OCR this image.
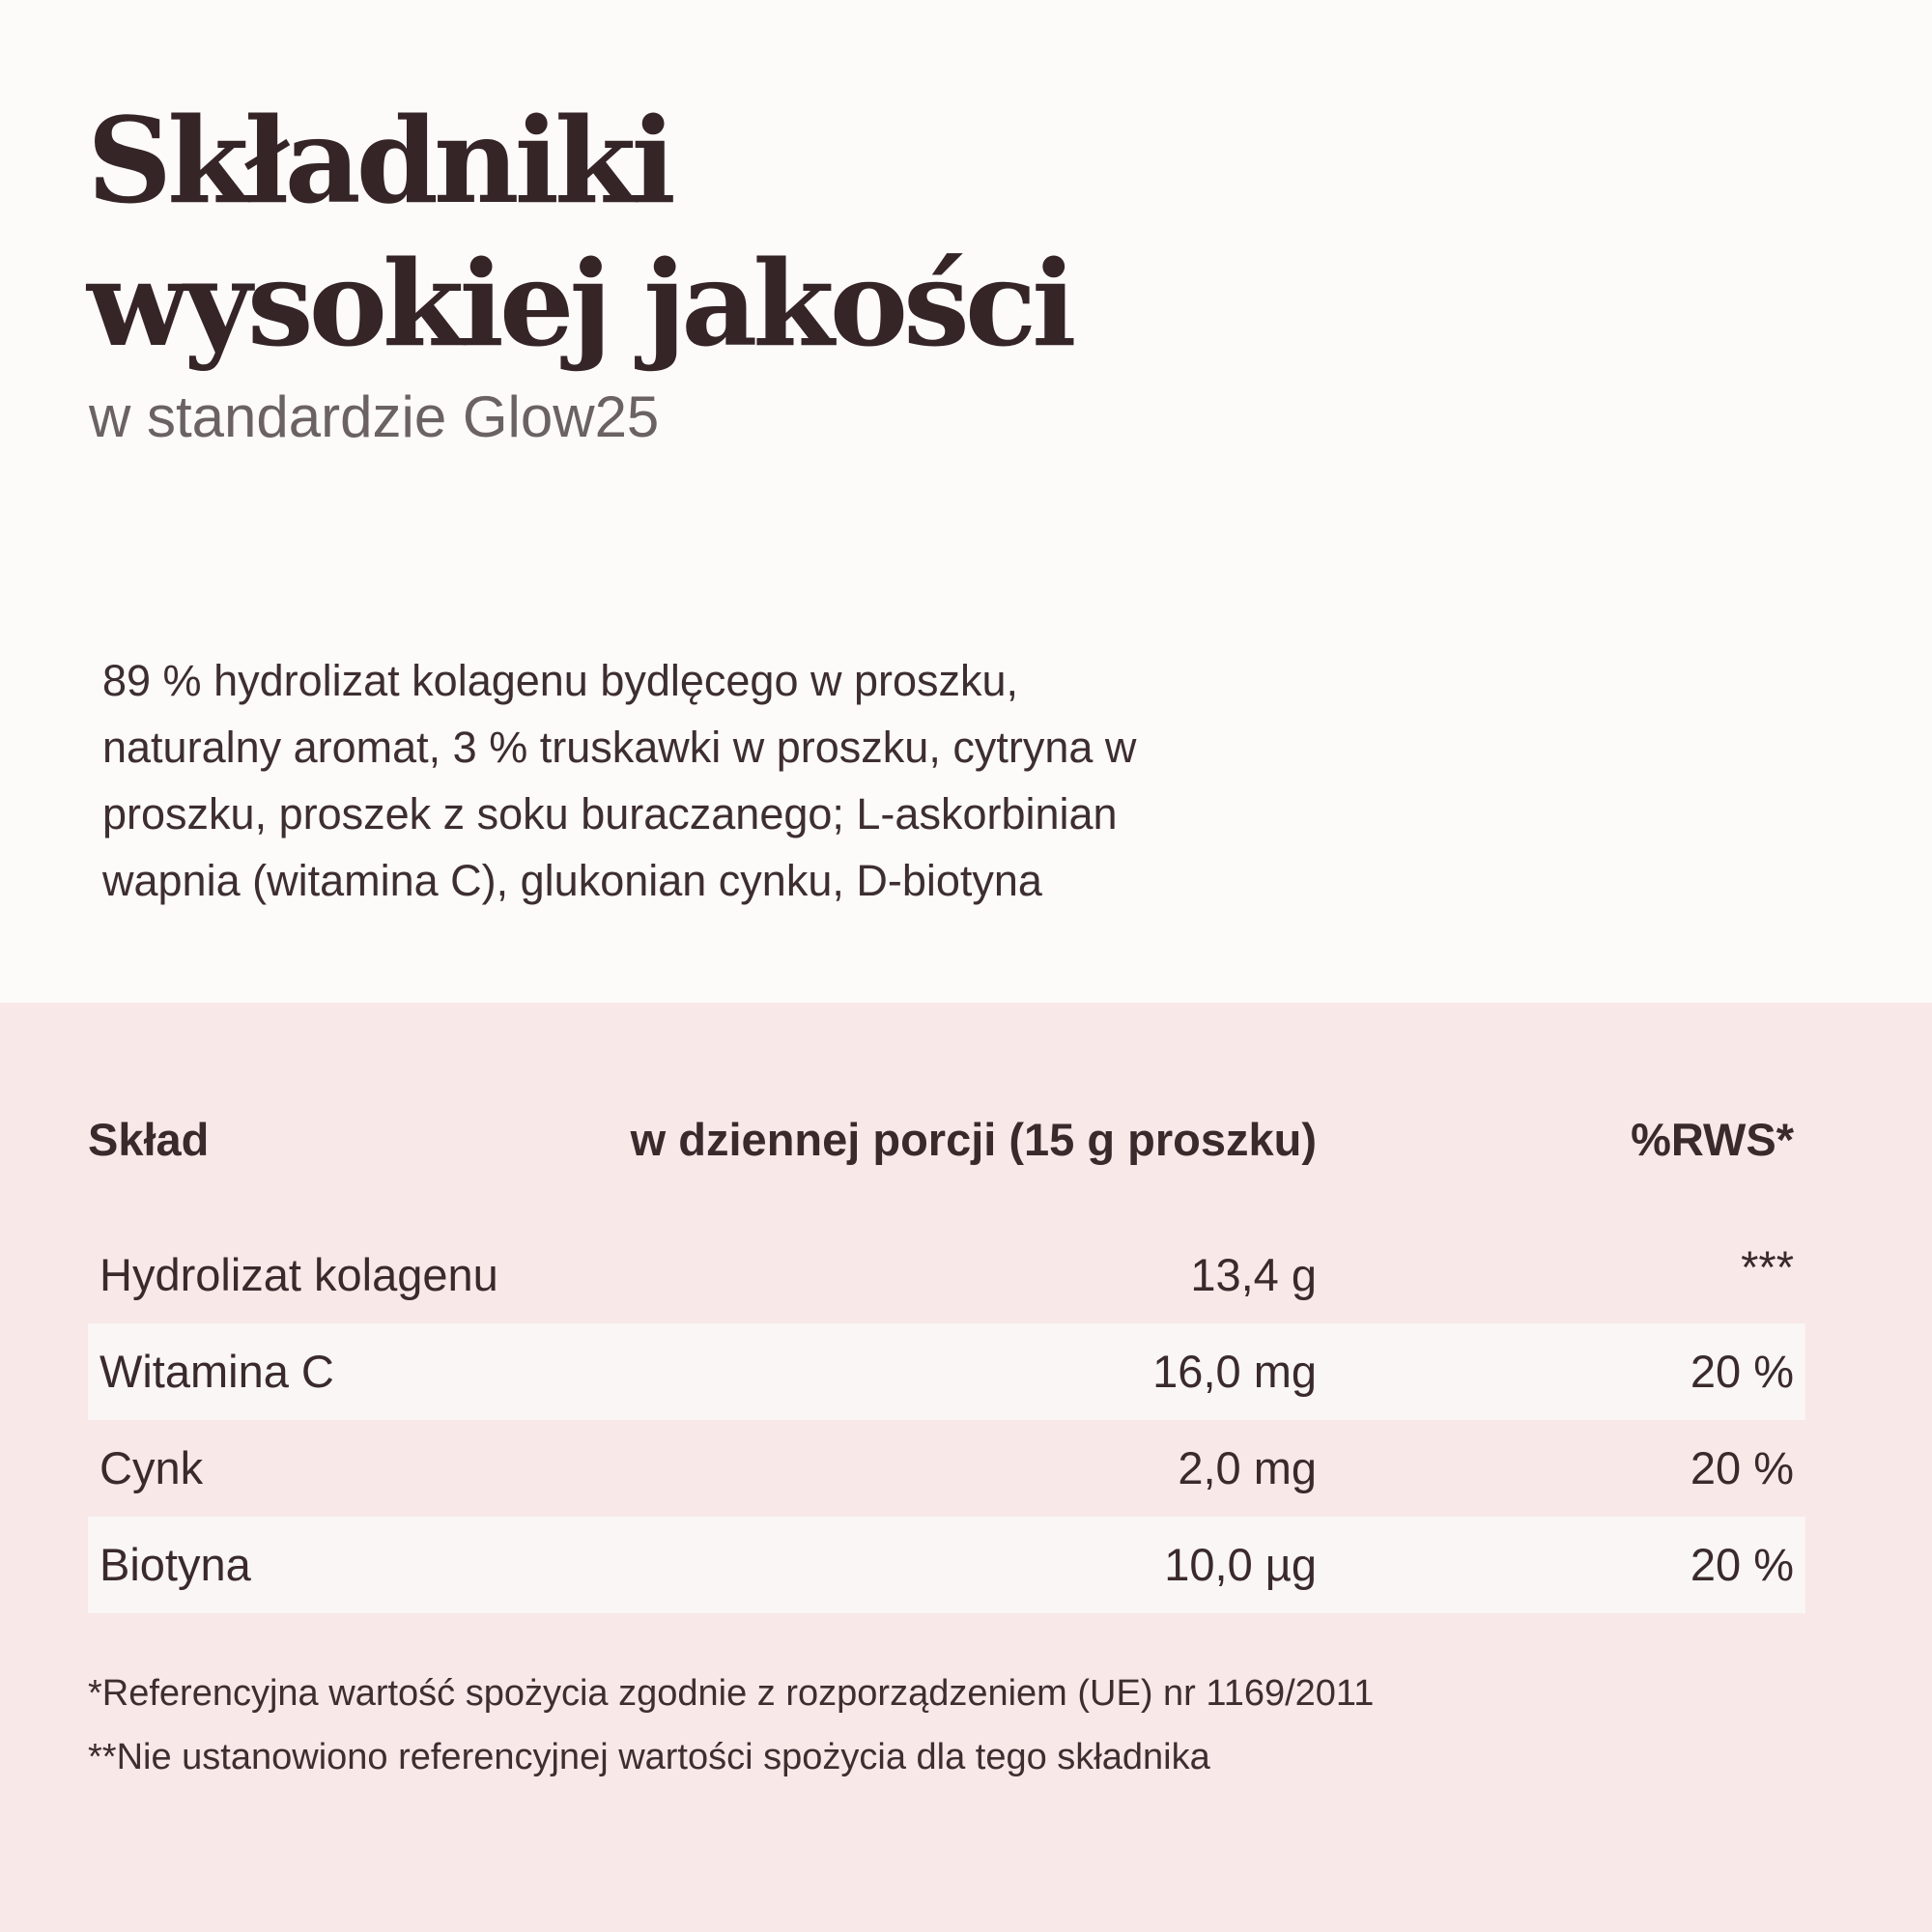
Składniki
wysokiej jakości
w standardzie Glow25
89 % hydrolizat kolagenu bydlęcego w proszku,
naturalny aromat, 3 % truskawki w proszku, cytryna w
proszku, proszek z soku buraczanego; L-askorbinian
wapnia (witamina C), glukonian cynku, D-biotyna
Skład	w dziennej porcji (15 g proszku)	%RWS*
Hydrolizat kolagenu	13,4 g	***
Witamina C	16,0 mg	20 %
Cynk	2,0 mg	20 %
Biotyna	10,0 µg	20 %
*Referencyjna wartość spożycia zgodnie z rozporządzeniem (UE) nr 1169/2011
**Nie ustanowiono referencyjnej wartości spożycia dla tego składnika
